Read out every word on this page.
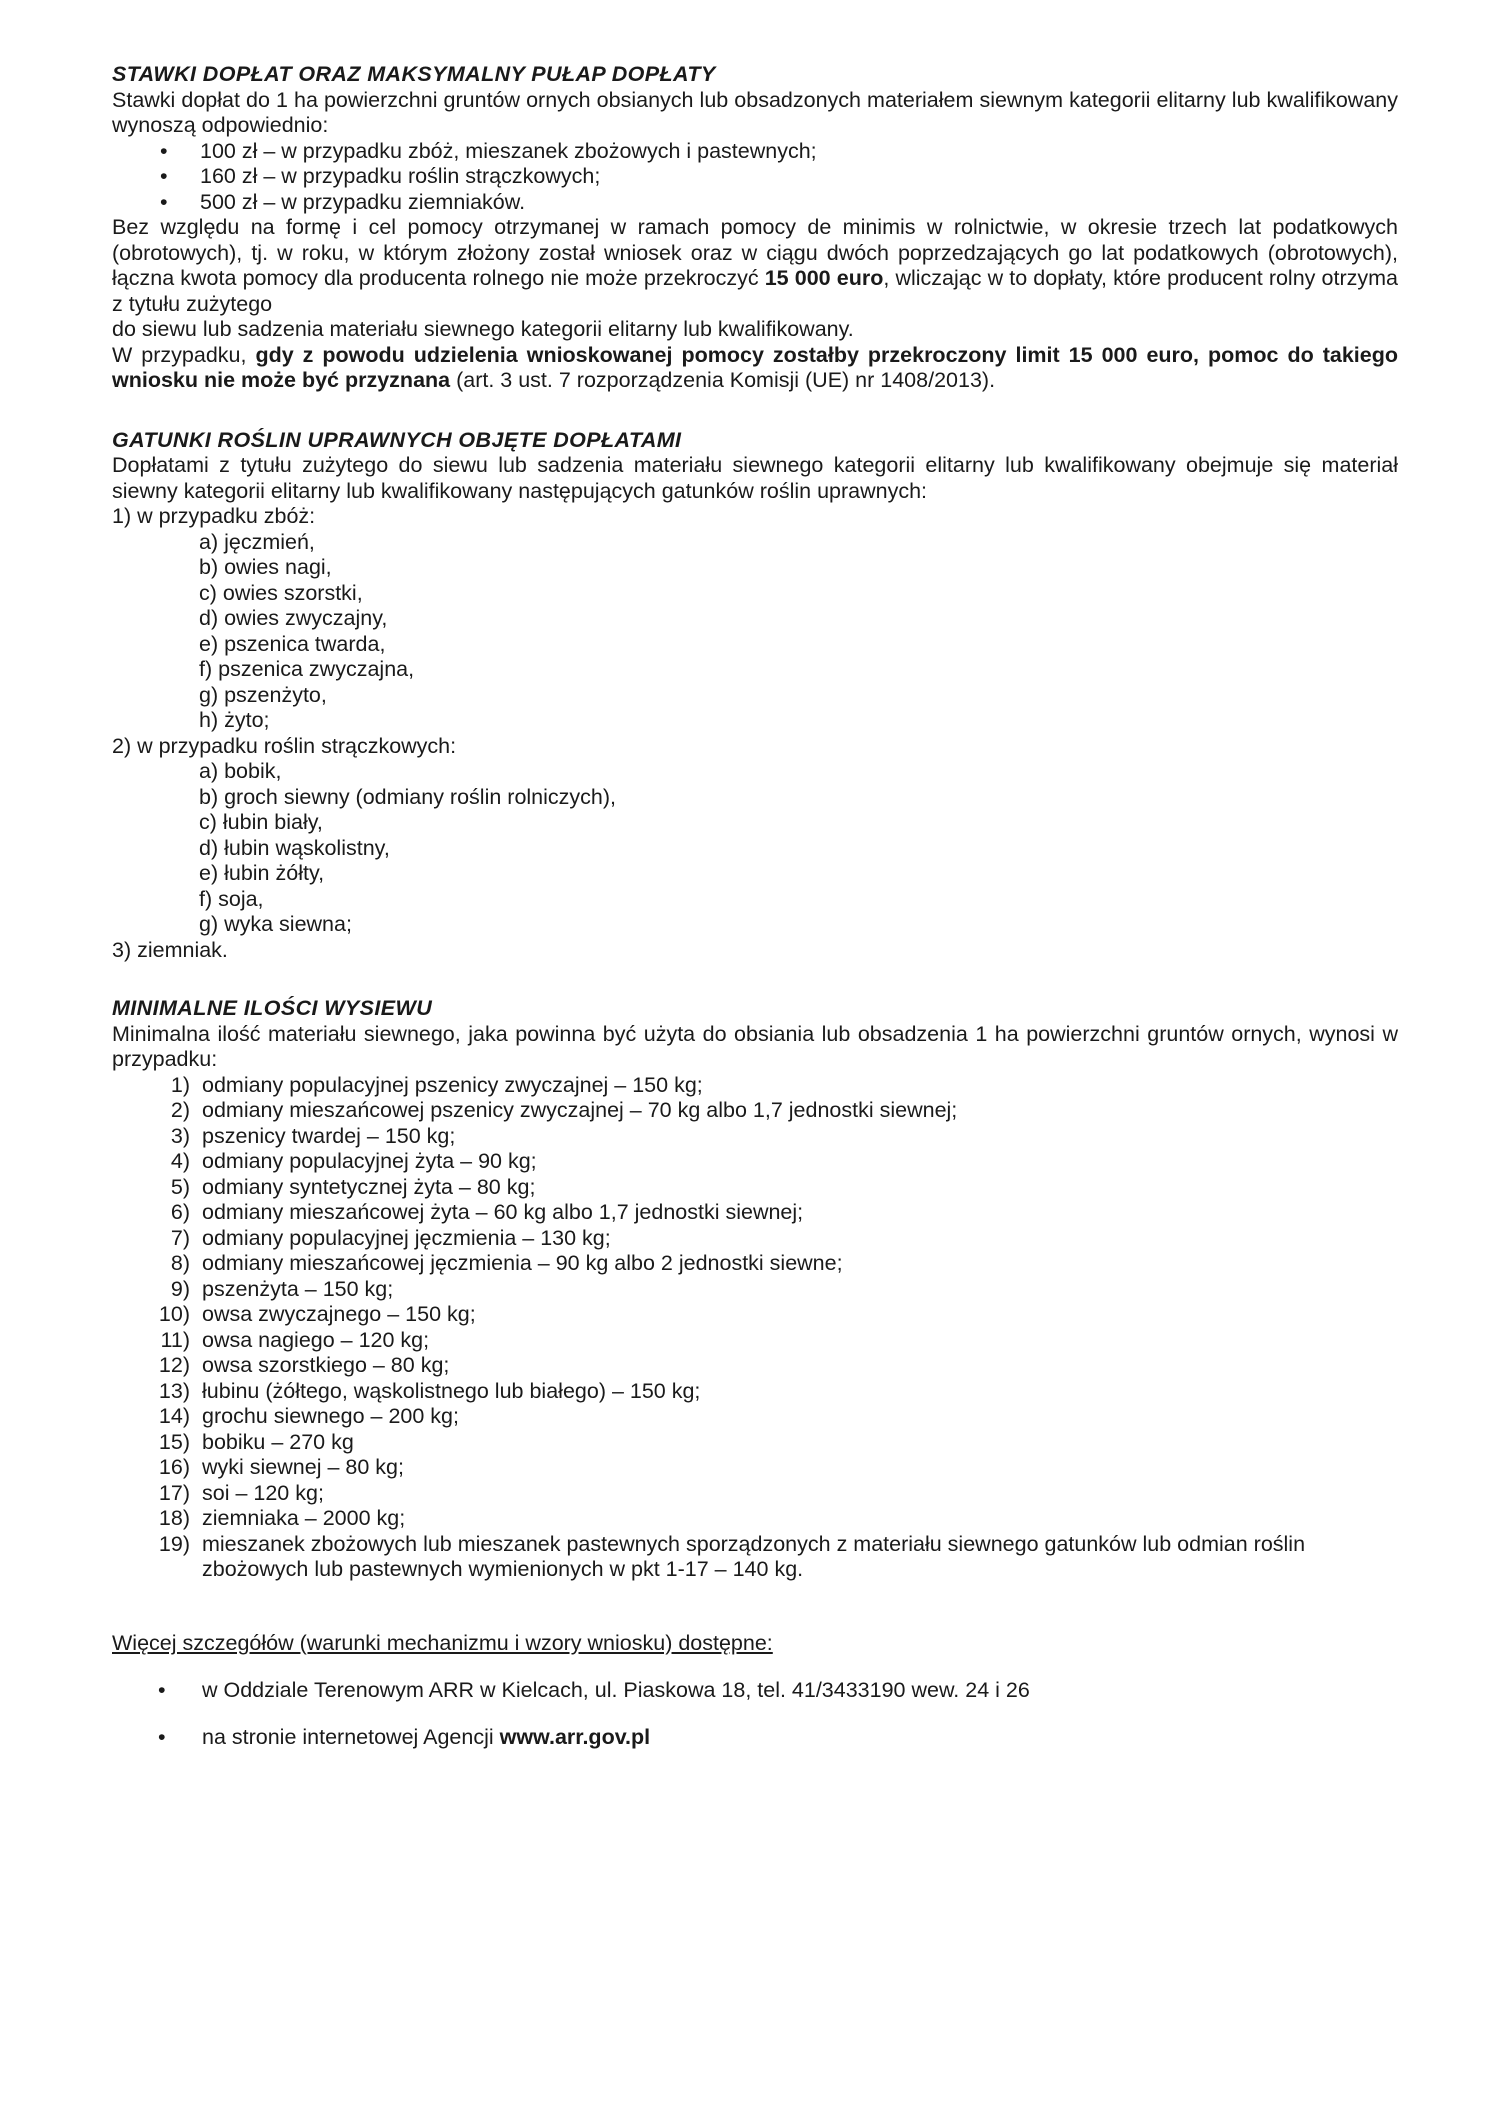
STAWKI DOPŁAT ORAZ MAKSYMALNY PUŁAP DOPŁATY

Stawki dopłat do 1 ha powierzchni gruntów ornych obsianych lub obsadzonych materiałem siewnym kategorii elitarny lub kwalifikowany wynoszą odpowiednio:

• 100 zł – w przypadku zbóż, mieszanek zbożowych i pastewnych;
• 160 zł – w przypadku roślin strączkowych;
• 500 zł – w przypadku ziemniaków.

Bez względu na formę i cel pomocy otrzymanej w ramach pomocy de minimis w rolnictwie, w okresie trzech lat podatkowych (obrotowych), tj. w roku, w którym złożony został wniosek oraz w ciągu dwóch poprzedzających go lat podatkowych (obrotowych), łączna kwota pomocy dla producenta rolnego nie może przekroczyć 15 000 euro, wliczając w to dopłaty, które producent rolny otrzyma z tytułu zużytego

do siewu lub sadzenia materiału siewnego kategorii elitarny lub kwalifikowany.

W przypadku, gdy z powodu udzielenia wnioskowanej pomocy zostałby przekroczony limit 15 000 euro, pomoc do takiego wniosku nie może być przyznana (art. 3 ust. 7 rozporządzenia Komisji (UE) nr 1408/2013).

GATUNKI ROŚLIN UPRAWNYCH OBJĘTE DOPŁATAMI

Dopłatami z tytułu zużytego do siewu lub sadzenia materiału siewnego kategorii elitarny lub kwalifikowany obejmuje się materiał siewny kategorii elitarny lub kwalifikowany następujących gatunków roślin uprawnych:

1) w przypadku zbóż:

a) jęczmień,
b) owies nagi,
c) owies szorstki,
d) owies zwyczajny,
e) pszenica twarda,
f) pszenica zwyczajna,
g) pszenżyto,
h) żyto;

2) w przypadku roślin strączkowych:

a) bobik,
b) groch siewny (odmiany roślin rolniczych),
c) łubin biały,
d) łubin wąskolistny,
e) łubin żółty,
f) soja,
g) wyka siewna;

3) ziemniak.

MINIMALNE ILOŚCI WYSIEWU

Minimalna ilość materiału siewnego, jaka powinna być użyta do obsiania lub obsadzenia 1 ha powierzchni gruntów ornych, wynosi w przypadku:

1) odmiany populacyjnej pszenicy zwyczajnej – 150 kg;
2) odmiany mieszańcowej pszenicy zwyczajnej – 70 kg albo 1,7 jednostki siewnej;
3) pszenicy twardej – 150 kg;
4) odmiany populacyjnej żyta – 90 kg;
5) odmiany syntetycznej żyta – 80 kg;
6) odmiany mieszańcowej żyta – 60 kg albo 1,7 jednostki siewnej;
7) odmiany populacyjnej jęczmienia – 130 kg;
8) odmiany mieszańcowej jęczmienia – 90 kg albo 2 jednostki siewne;
9) pszenżyta – 150 kg;
10) owsa zwyczajnego – 150 kg;
11) owsa nagiego – 120 kg;
12) owsa szorstkiego – 80 kg;
13) łubinu (żółtego, wąskolistnego lub białego) – 150 kg;
14) grochu siewnego – 200 kg;
15) bobiku – 270 kg
16) wyki siewnej – 80 kg;
17) soi – 120 kg;
18) ziemniaka – 2000 kg;
19) mieszanek zbożowych lub mieszanek pastewnych sporządzonych z materiału siewnego gatunków lub odmian roślin zbożowych lub pastewnych wymienionych w pkt 1-17 – 140 kg.

Więcej szczegółów (warunki mechanizmu i wzory wniosku) dostępne:

• w Oddziale Terenowym ARR w Kielcach, ul. Piaskowa 18, tel. 41/3433190 wew. 24 i 26
• na stronie internetowej Agencji www.arr.gov.pl
